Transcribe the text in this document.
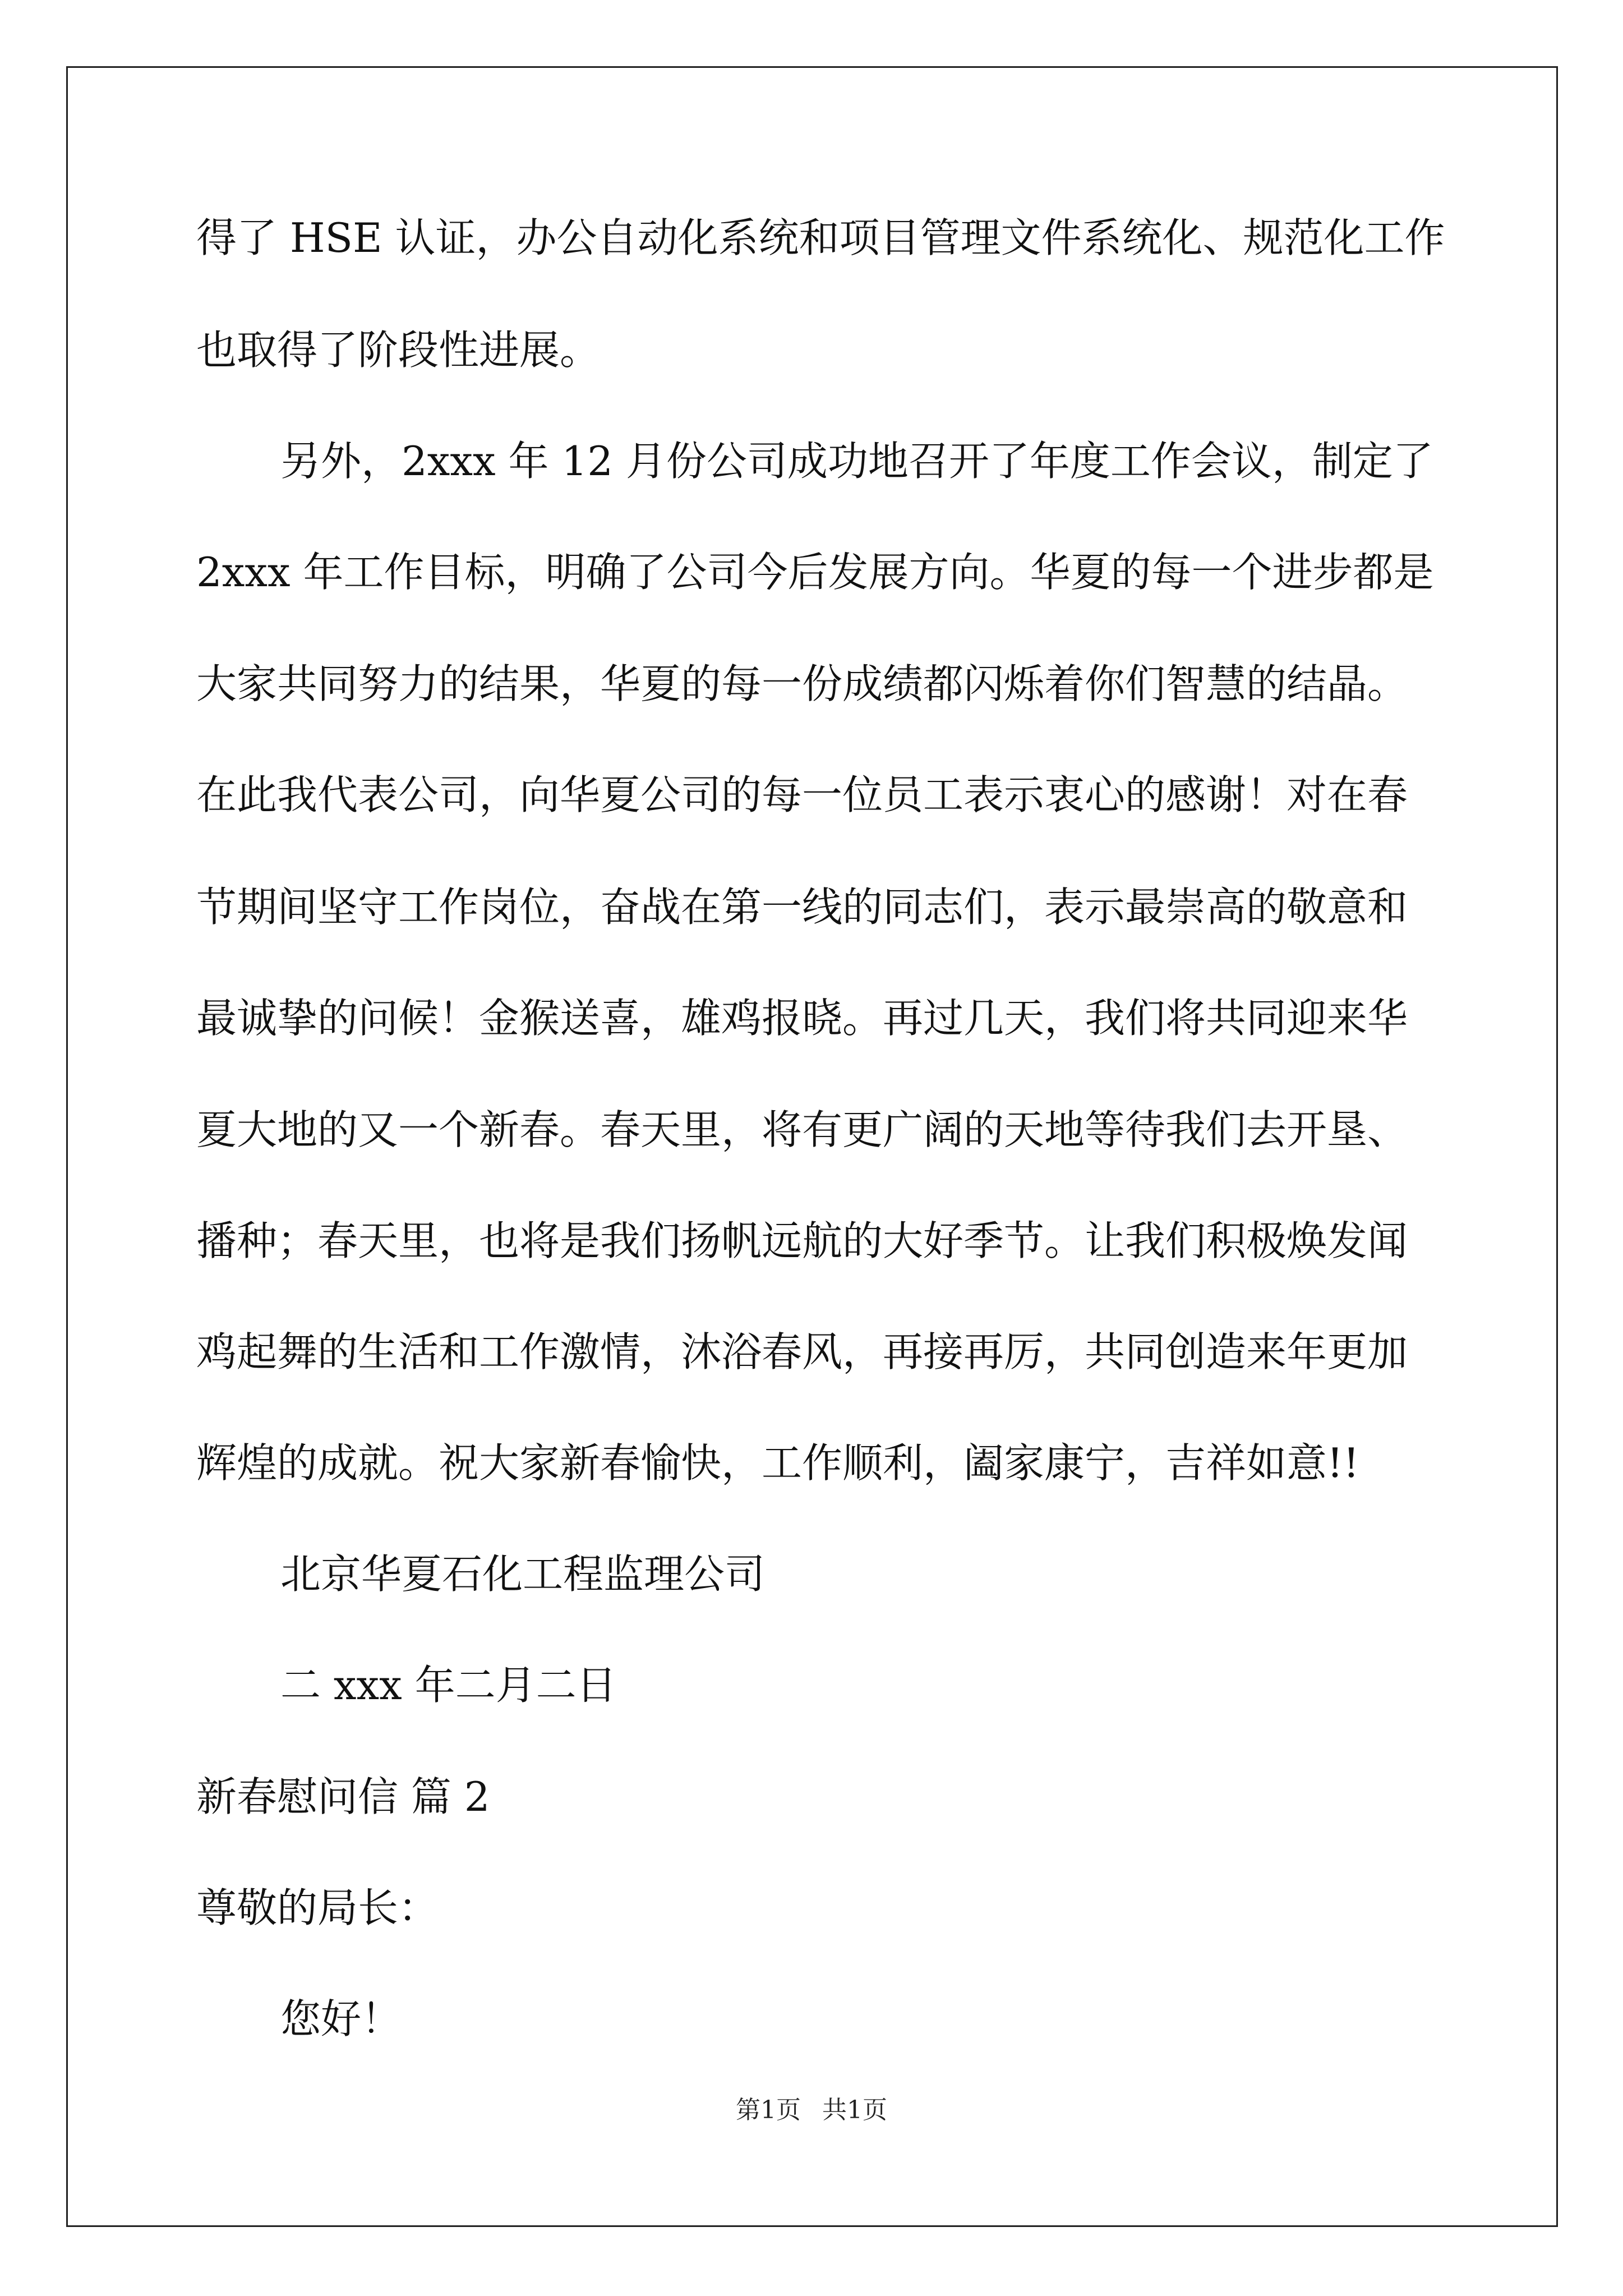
得了 HSE 认证，办公自动化系统和项目管理文件系统化、规范化工作
也取得了阶段性进展。
另外，2xxx 年 12 月份公司成功地召开了年度工作会议，制定了
2xxx 年工作目标，明确了公司今后发展方向。华夏的每一个进步都是
大家共同努力的结果，华夏的每一份成绩都闪烁着你们智慧的结晶。
在此我代表公司，向华夏公司的每一位员工表示衷心的感谢！对在春
节期间坚守工作岗位，奋战在第一线的同志们，表示最崇高的敬意和
最诚挚的问候！金猴送喜，雄鸡报晓。再过几天，我们将共同迎来华
夏大地的又一个新春。春天里，将有更广阔的天地等待我们去开垦、
播种；春天里，也将是我们扬帆远航的大好季节。让我们积极焕发闻
鸡起舞的生活和工作激情，沐浴春风，再接再厉，共同创造来年更加
辉煌的成就。祝大家新春愉快，工作顺利，阖家康宁，吉祥如意!!
北京华夏石化工程监理公司
二 xxx 年二月二日
新春慰问信 篇 2
尊敬的局长：
您好！
第1页 共1页
